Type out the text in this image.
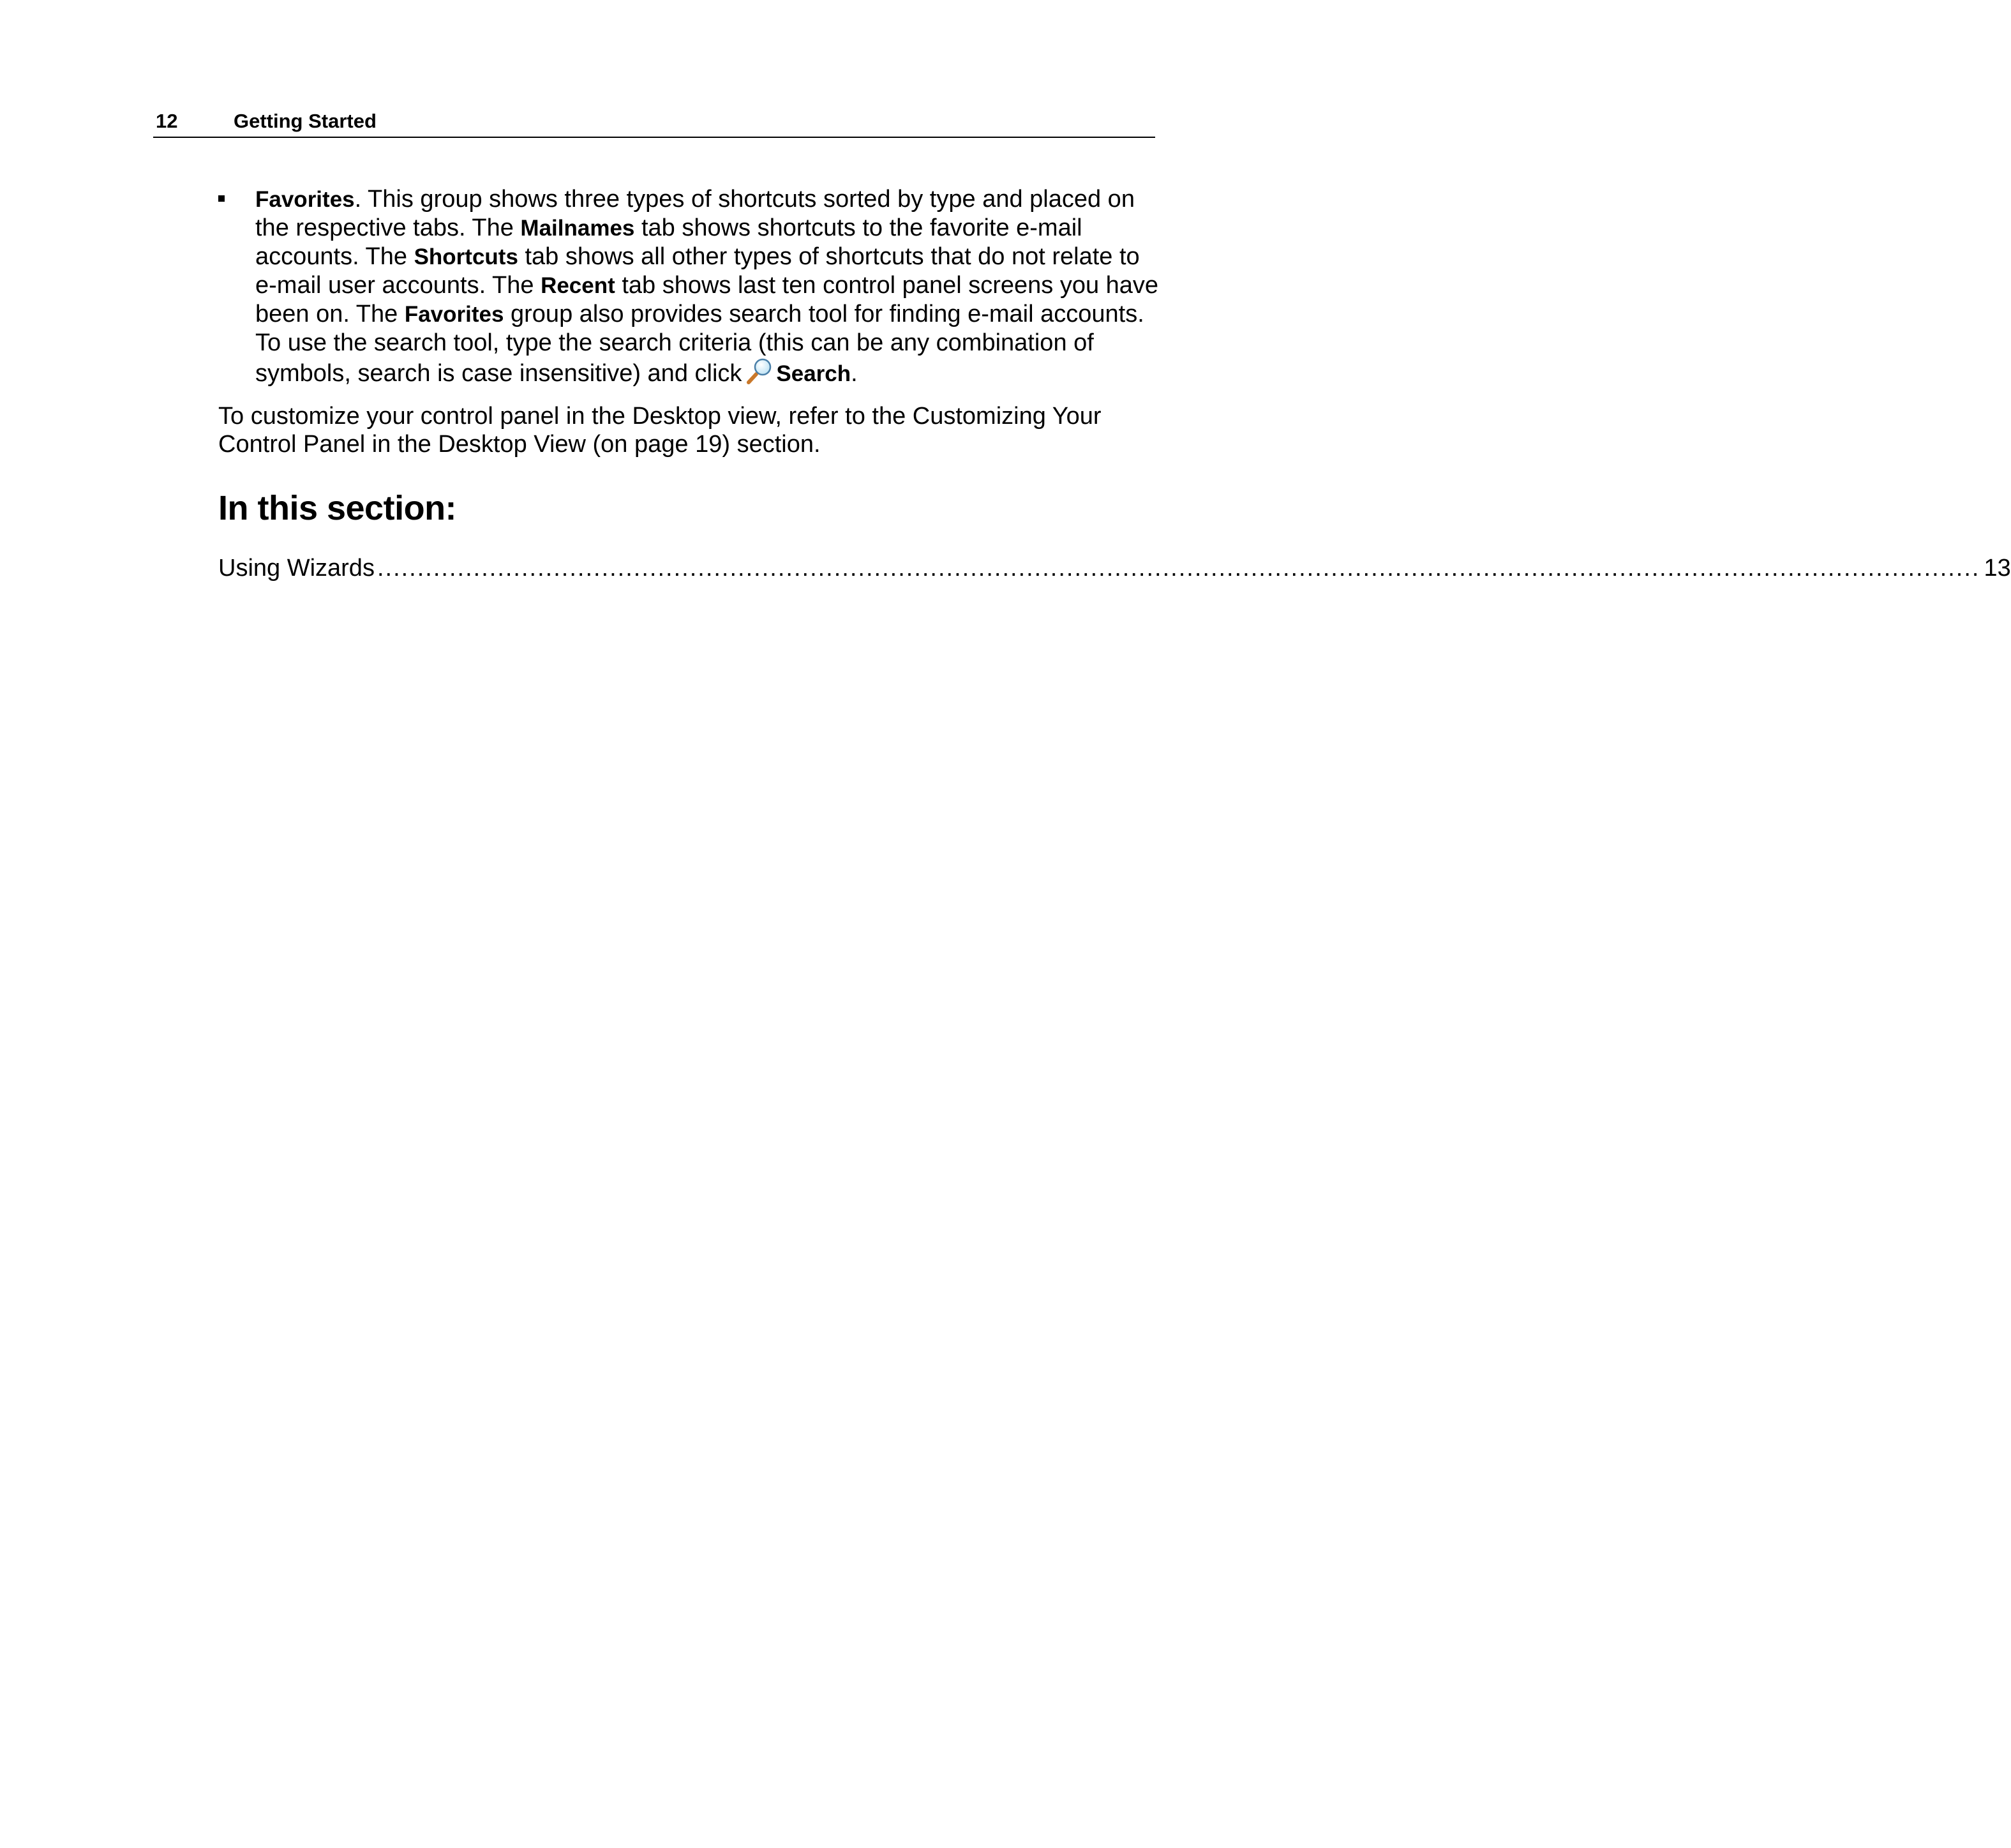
12	Getting Started
Favorites. This group shows three types of shortcuts sorted by type and placed on the respective tabs. The Mailnames tab shows shortcuts to the favorite e-mail accounts. The Shortcuts tab shows all other types of shortcuts that do not relate to e-mail user accounts. The Recent tab shows last ten control panel screens you have been on. The Favorites group also provides search tool for finding e-mail accounts. To use the search tool, type the search criteria (this can be any combination of symbols, search is case insensitive) and click Search.

To customize your control panel in the Desktop view, refer to the Customizing Your Control Panel in the Desktop View (on page 19) section.

In this section:
Using Wizards ........................................................................................................................................................................................................ 13
